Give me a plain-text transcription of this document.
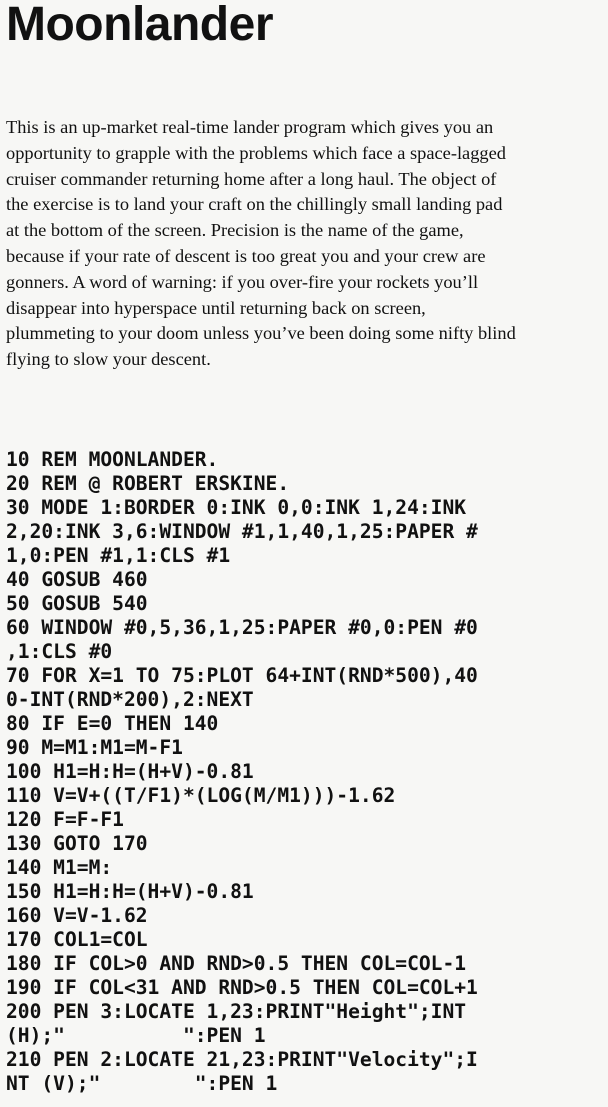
Moonlander
This is an up-market real-time lander program which gives you an
opportunity to grapple with the problems which face a space-lagged
cruiser commander returning home after a long haul. The object of
the exercise is to land your craft on the chillingly small landing pad
at the bottom of the screen. Precision is the name of the game,
because if your rate of descent is too great you and your crew are
gonners. A word of warning: if you over-fire your rockets you’ll
disappear into hyperspace until returning back on screen,
plummeting to your doom unless you’ve been doing some nifty blind
flying to slow your descent.
10 REM MOONLANDER.
20 REM @ ROBERT ERSKINE.
30 MODE 1:BORDER 0:INK 0,0:INK 1,24:INK
2,20:INK 3,6:WINDOW #1,1,40,1,25:PAPER #
1,0:PEN #1,1:CLS #1
40 GOSUB 460
50 GOSUB 540
60 WINDOW #0,5,36,1,25:PAPER #0,0:PEN #0
,1:CLS #0
70 FOR X=1 TO 75:PLOT 64+INT(RND*500),40
0-INT(RND*200),2:NEXT
80 IF E=0 THEN 140
90 M=M1:M1=M-F1
100 H1=H:H=(H+V)-0.81
110 V=V+((T/F1)*(LOG(M/M1)))-1.62
120 F=F-F1
130 GOTO 170
140 M1=M:
150 H1=H:H=(H+V)-0.81
160 V=V-1.62
170 COL1=COL
180 IF COL>0 AND RND>0.5 THEN COL=COL-1
190 IF COL<31 AND RND>0.5 THEN COL=COL+1
200 PEN 3:LOCATE 1,23:PRINT"Height";INT
(H);"          ":PEN 1
210 PEN 2:LOCATE 21,23:PRINT"Velocity";I
NT (V);"        ":PEN 1
